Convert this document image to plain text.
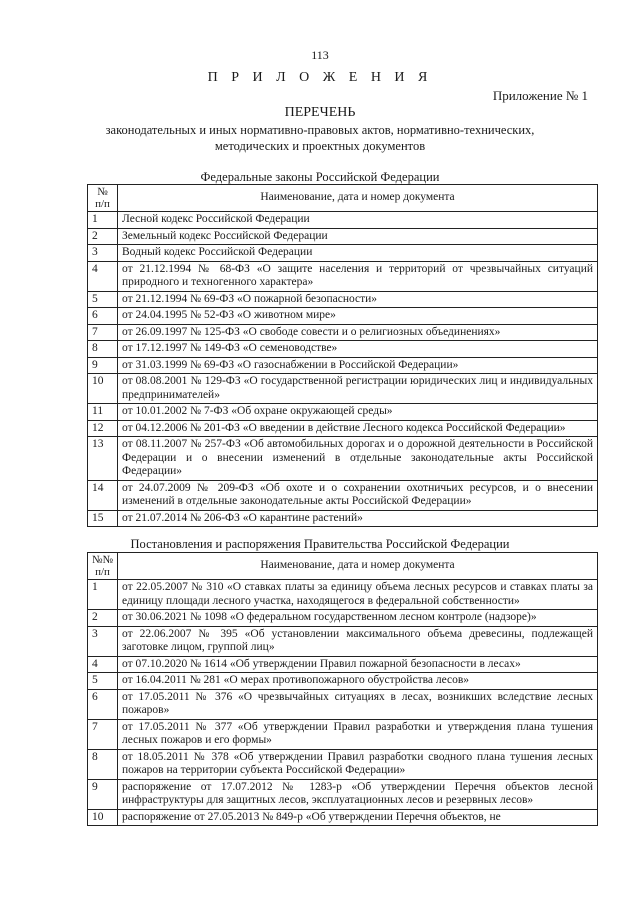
113
П Р И Л О Ж Е Н И Я
Приложение № 1
ПЕРЕЧЕНЬ
законодательных и иных нормативно-правовых актов, нормативно-технических, методических и проектных документов
Федеральные законы Российской Федерации
№ п/п	Наименование, дата и номер документа
1	Лесной кодекс Российской Федерации
2	Земельный кодекс Российской Федерации
3	Водный кодекс Российской Федерации
4	от 21.12.1994 № 68-ФЗ «О защите населения и территорий от чрезвычайных ситуаций природного и техногенного характера»
5	от 21.12.1994 № 69-ФЗ «О пожарной безопасности»
6	от 24.04.1995 № 52-ФЗ «О животном мире»
7	от 26.09.1997 № 125-ФЗ «О свободе совести и о религиозных объединениях»
8	от 17.12.1997 № 149-ФЗ «О семеноводстве»
9	от 31.03.1999 № 69-ФЗ «О газоснабжении в Российской Федерации»
10	от 08.08.2001 № 129-ФЗ «О государственной регистрации юридических лиц и индивидуальных предпринимателей»
11	от 10.01.2002 № 7-ФЗ «Об охране окружающей среды»
12	от 04.12.2006 № 201-ФЗ «О введении в действие Лесного кодекса Российской Федерации»
13	от 08.11.2007 № 257-ФЗ «Об автомобильных дорогах и о дорожной деятельности в Российской Федерации и о внесении изменений в отдельные законодательные акты Российской Федерации»
14	от 24.07.2009 № 209-ФЗ «Об охоте и о сохранении охотничьих ресурсов, и о внесении изменений в отдельные законодательные акты Российской Федерации»
15	от 21.07.2014 № 206-ФЗ «О карантине растений»
Постановления и распоряжения Правительства Российской Федерации
№№ п/п	Наименование, дата и номер документа
1	от 22.05.2007 № 310 «О ставках платы за единицу объема лесных ресурсов и ставках платы за единицу площади лесного участка, находящегося в федеральной собственности»
2	от 30.06.2021 № 1098 «О федеральном государственном лесном контроле (надзоре)»
3	от 22.06.2007 № 395 «Об установлении максимального объема древесины, подлежащей заготовке лицом, группой лиц»
4	от 07.10.2020 № 1614 «Об утверждении Правил пожарной безопасности в лесах»
5	от 16.04.2011 № 281 «О мерах противопожарного обустройства лесов»
6	от 17.05.2011 № 376 «О чрезвычайных ситуациях в лесах, возникших вследствие лесных пожаров»
7	от 17.05.2011 № 377 «Об утверждении Правил разработки и утверждения плана тушения лесных пожаров и его формы»
8	от 18.05.2011 № 378 «Об утверждении Правил разработки сводного плана тушения лесных пожаров на территории субъекта Российской Федерации»
9	распоряжение от 17.07.2012 № 1283-р «Об утверждении Перечня объектов лесной инфраструктуры для защитных лесов, эксплуатационных лесов и резервных лесов»
10	распоряжение от 27.05.2013 № 849-р «Об утверждении Перечня объектов, не
